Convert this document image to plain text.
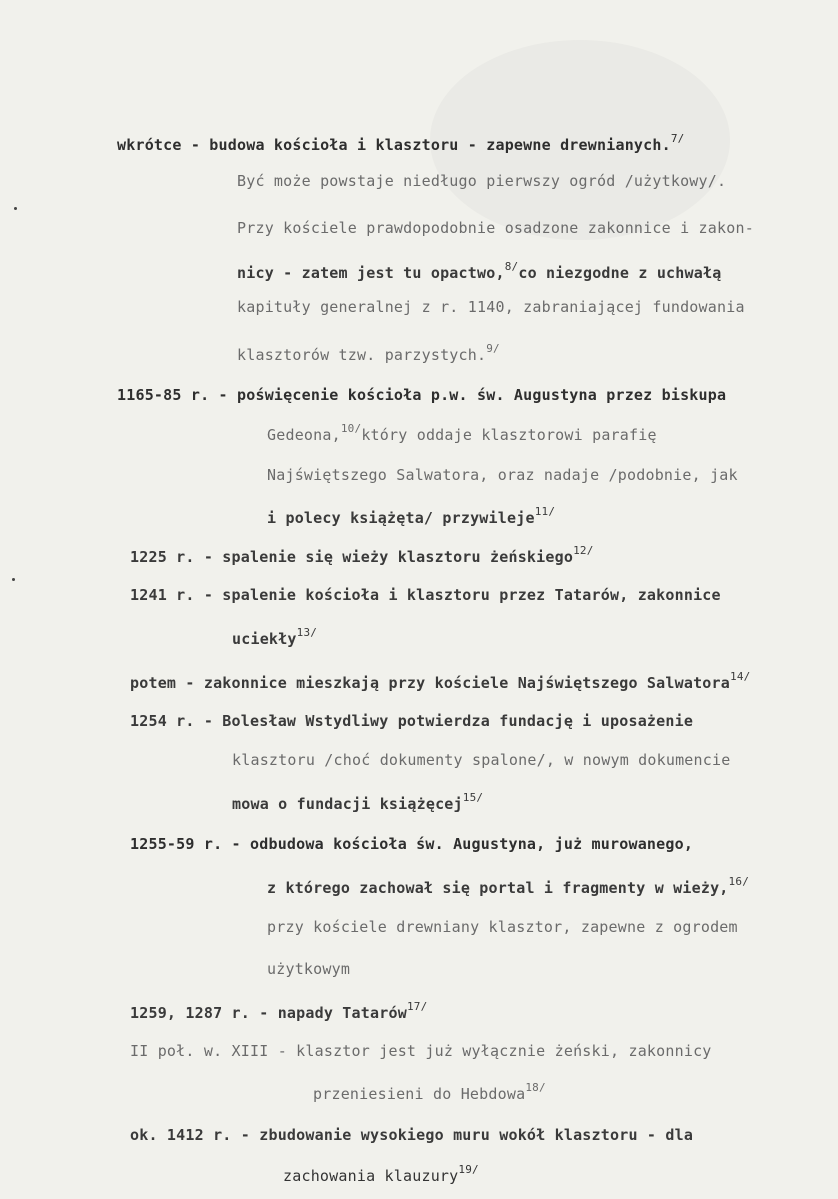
wkrótce - budowa kościoła i klasztoru - zapewne drewnianych.$^{7/}$
Być może powstaje niedługo pierwszy ogród /użytkowy/.
Przy kościele prawdopodobnie osadzone zakonnice i zakon-
nicy - zatem jest tu opactwo,$^{8/}$co niezgodne z uchwałą
kapituły generalnej z r. 1140, zabraniającej fundowania
klasztorów tzw. parzystych.$^{9/}$
1165-85 r. - poświęcenie kościoła p.w. św. Augustyna przez biskupa
Gedeona,$^{10/}$który oddaje klasztorowi parafię
Najświętszego Salwatora, oraz nadaje /podobnie, jak
i polecy książęta/ przywileje$^{11/}$
1225 r. - spalenie się wieży klasztoru żeńskiego$^{12/}$
1241 r. - spalenie kościoła i klasztoru przez Tatarów, zakonnice
uciekły$^{13/}$
potem - zakonnice mieszkają przy kościele Najświętszego Salwatora$^{14/}$
1254 r. - Bolesław Wstydliwy potwierdza fundację i uposażenie
klasztoru /choć dokumenty spalone/, w nowym dokumencie
mowa o fundacji książęcej$^{15/}$
1255-59 r. - odbudowa kościoła św. Augustyna, już murowanego,
z którego zachował się portal i fragmenty w wieży,$^{16/}$
przy kościele drewniany klasztor, zapewne z ogrodem
użytkowym
1259, 1287 r. - napady Tatarów$^{17/}$
II poł. w. XIII - klasztor jest już wyłącznie żeński, zakonnicy
przeniesieni do Hebdowa$^{18/}$
ok. 1412 r. - zbudowanie wysokiego muru wokół klasztoru - dla
zachowania klauzury$^{19/}$
